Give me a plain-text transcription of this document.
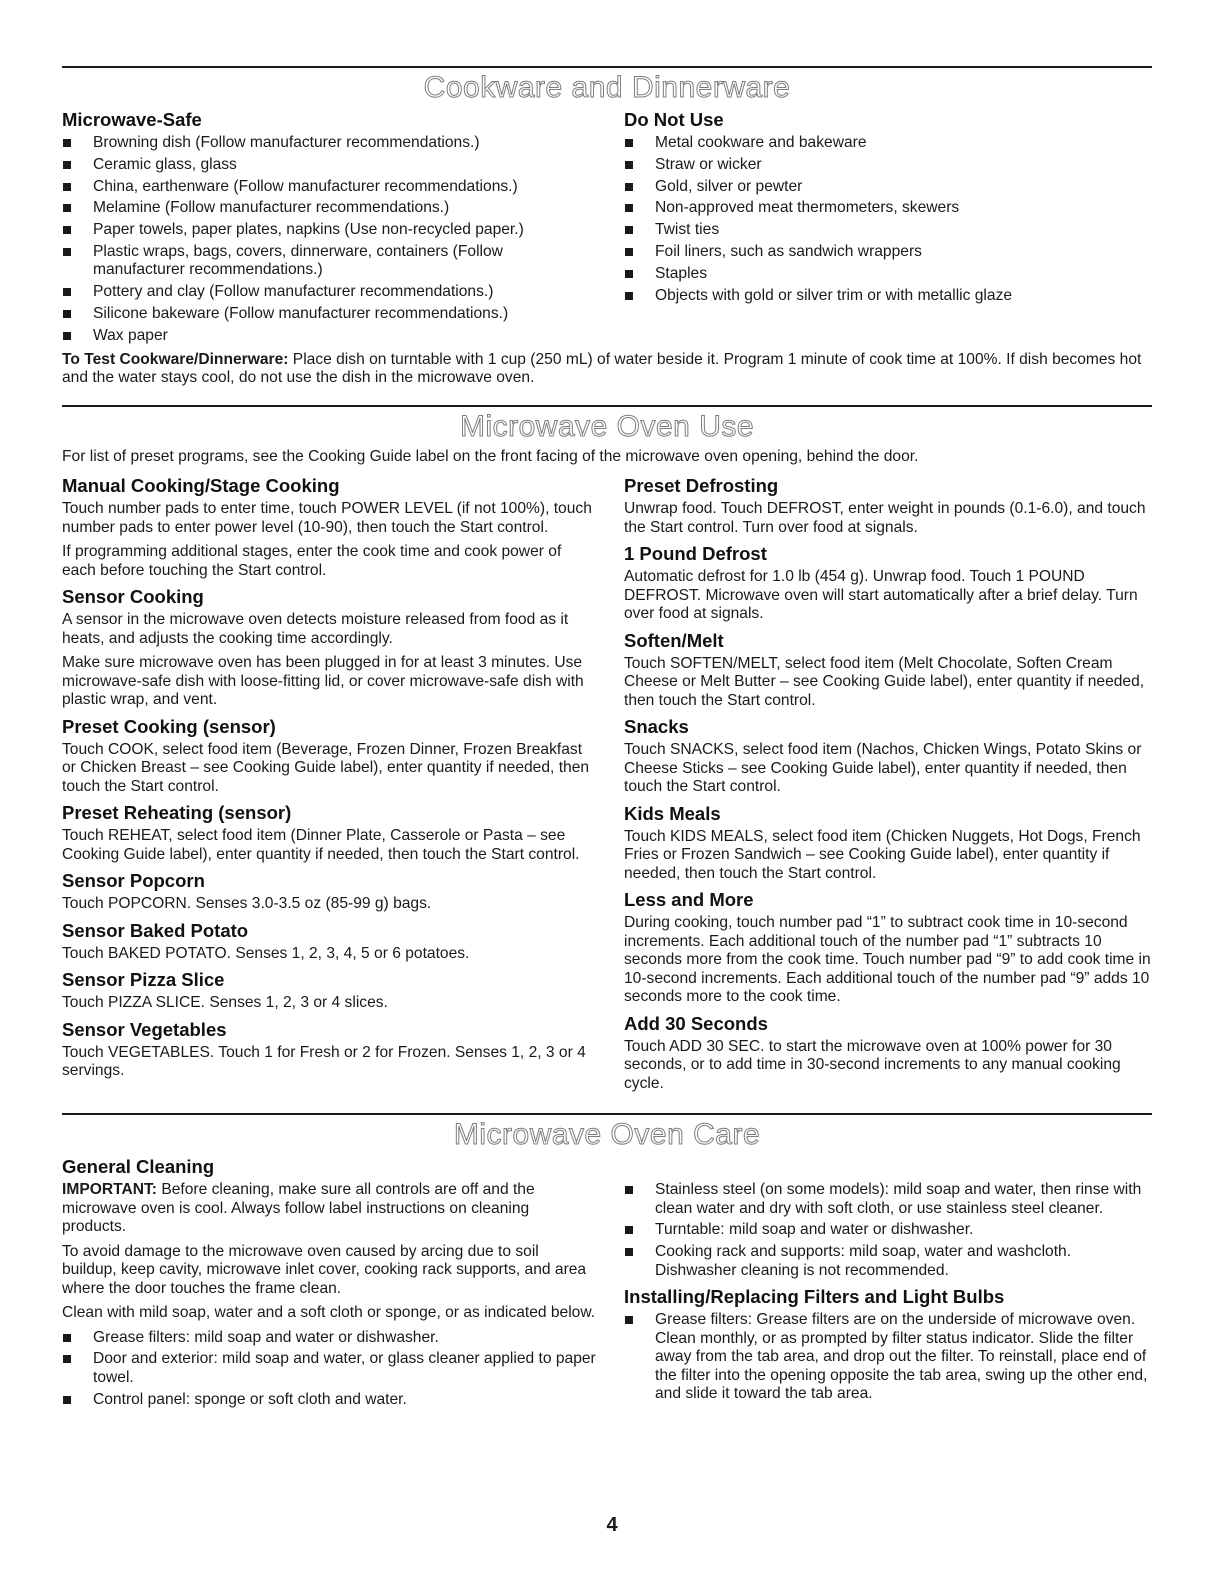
Cookware and Dinnerware
Microwave-Safe
Browning dish (Follow manufacturer recommendations.)
Ceramic glass, glass
China, earthenware (Follow manufacturer recommendations.)
Melamine (Follow manufacturer recommendations.)
Paper towels, paper plates, napkins (Use non-recycled paper.)
Plastic wraps, bags, covers, dinnerware, containers (Follow manufacturer recommendations.)
Pottery and clay (Follow manufacturer recommendations.)
Silicone bakeware (Follow manufacturer recommendations.)
Wax paper
Do Not Use
Metal cookware and bakeware
Straw or wicker
Gold, silver or pewter
Non-approved meat thermometers, skewers
Twist ties
Foil liners, such as sandwich wrappers
Staples
Objects with gold or silver trim or with metallic glaze

To Test Cookware/Dinnerware: Place dish on turntable with 1 cup (250 mL) of water beside it. Program 1 minute of cook time at 100%. If dish becomes hot and the water stays cool, do not use the dish in the microwave oven.

Microwave Oven Use

For list of preset programs, see the Cooking Guide label on the front facing of the microwave oven opening, behind the door.

Manual Cooking/Stage Cooking

Touch number pads to enter time, touch POWER LEVEL (if not 100%), touch number pads to enter power level (10-90), then touch the Start control.

If programming additional stages, enter the cook time and cook power of each before touching the Start control.

Sensor Cooking

A sensor in the microwave oven detects moisture released from food as it heats, and adjusts the cooking time accordingly.

Make sure microwave oven has been plugged in for at least 3 minutes. Use microwave-safe dish with loose-fitting lid, or cover microwave-safe dish with plastic wrap, and vent.

Preset Cooking (sensor)

Touch COOK, select food item (Beverage, Frozen Dinner, Frozen Breakfast or Chicken Breast – see Cooking Guide label), enter quantity if needed, then touch the Start control.

Preset Reheating (sensor)

Touch REHEAT, select food item (Dinner Plate, Casserole or Pasta – see Cooking Guide label), enter quantity if needed, then touch the Start control.

Sensor Popcorn

Touch POPCORN. Senses 3.0-3.5 oz (85-99 g) bags.

Sensor Baked Potato

Touch BAKED POTATO. Senses 1, 2, 3, 4, 5 or 6 potatoes.

Sensor Pizza Slice

Touch PIZZA SLICE. Senses 1, 2, 3 or 4 slices.

Sensor Vegetables

Touch VEGETABLES. Touch 1 for Fresh or 2 for Frozen. Senses 1, 2, 3 or 4 servings.

Preset Defrosting

Unwrap food. Touch DEFROST, enter weight in pounds (0.1-6.0), and touch the Start control. Turn over food at signals.

1 Pound Defrost

Automatic defrost for 1.0 lb (454 g). Unwrap food. Touch 1 POUND DEFROST. Microwave oven will start automatically after a brief delay. Turn over food at signals.

Soften/Melt

Touch SOFTEN/MELT, select food item (Melt Chocolate, Soften Cream Cheese or Melt Butter – see Cooking Guide label), enter quantity if needed, then touch the Start control.

Snacks

Touch SNACKS, select food item (Nachos, Chicken Wings, Potato Skins or Cheese Sticks – see Cooking Guide label), enter quantity if needed, then touch the Start control.

Kids Meals

Touch KIDS MEALS, select food item (Chicken Nuggets, Hot Dogs, French Fries or Frozen Sandwich – see Cooking Guide label), enter quantity if needed, then touch the Start control.

Less and More

During cooking, touch number pad “1” to subtract cook time in 10-second increments. Each additional touch of the number pad “1” subtracts 10 seconds more from the cook time. Touch number pad “9” to add cook time in 10-second increments. Each additional touch of the number pad “9” adds 10 seconds more to the cook time.

Add 30 Seconds

Touch ADD 30 SEC. to start the microwave oven at 100% power for 30 seconds, or to add time in 30-second increments to any manual cooking cycle.

Microwave Oven Care
General Cleaning

IMPORTANT: Before cleaning, make sure all controls are off and the microwave oven is cool. Always follow label instructions on cleaning products.

To avoid damage to the microwave oven caused by arcing due to soil buildup, keep cavity, microwave inlet cover, cooking rack supports, and area where the door touches the frame clean.

Clean with mild soap, water and a soft cloth or sponge, or as indicated below.

Grease filters: mild soap and water or dishwasher.
Door and exterior: mild soap and water, or glass cleaner applied to paper towel.
Control panel: sponge or soft cloth and water.
Stainless steel (on some models): mild soap and water, then rinse with clean water and dry with soft cloth, or use stainless steel cleaner.
Turntable: mild soap and water or dishwasher.
Cooking rack and supports: mild soap, water and washcloth. Dishwasher cleaning is not recommended.
Installing/Replacing Filters and Light Bulbs
Grease filters: Grease filters are on the underside of microwave oven. Clean monthly, or as prompted by filter status indicator. Slide the filter away from the tab area, and drop out the filter. To reinstall, place end of the filter into the opening opposite the tab area, swing up the other end, and slide it toward the tab area.
4
